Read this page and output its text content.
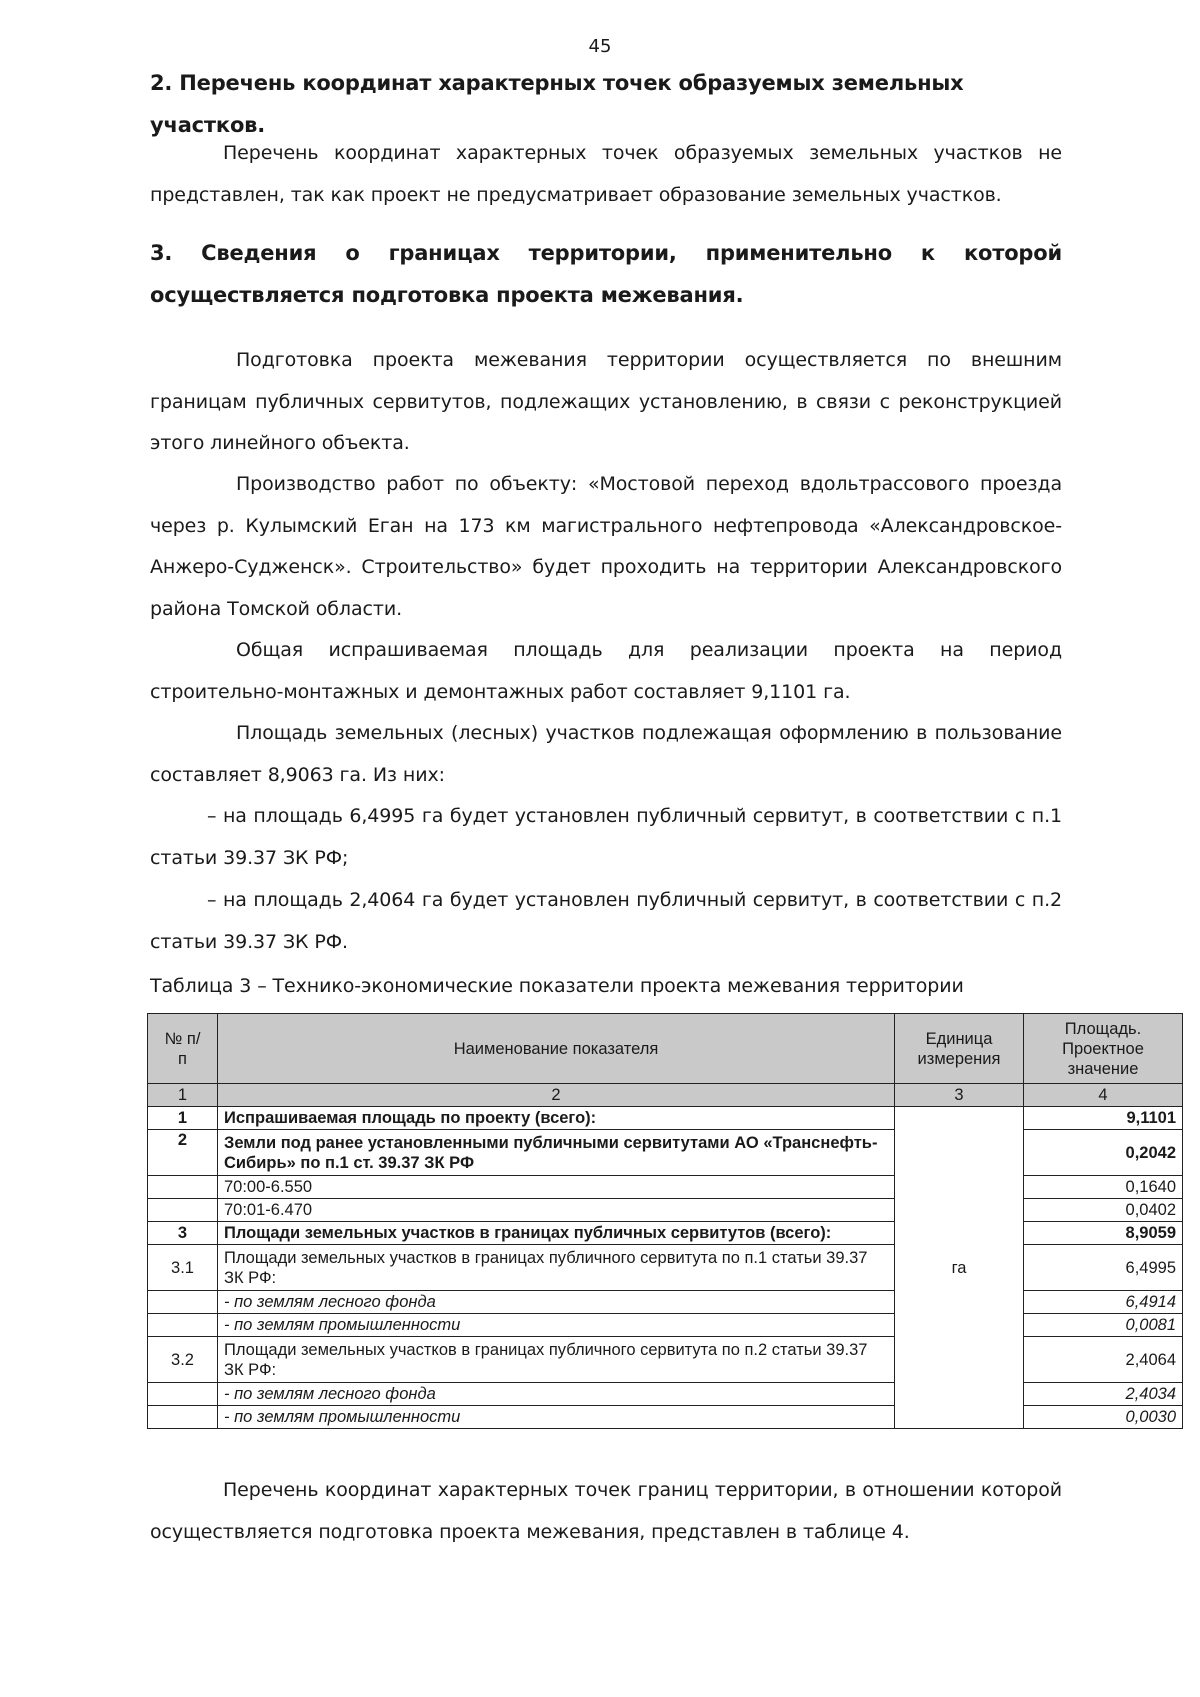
45
2. Перечень координат характерных точек образуемых земельных участков.
Перечень координат характерных точек образуемых земельных участков не представлен, так как проект не предусматривает образование земельных участков.
3. Сведения о границах территории, применительно к которой осуществляется подготовка проекта межевания.
Подготовка проекта межевания территории осуществляется по внешним границам публичных сервитутов, подлежащих установлению, в связи с реконструкцией этого линейного объекта.
Производство работ по объекту: «Мостовой переход вдольтрассового проезда через р. Кулымский Еган на 173 км магистрального нефтепровода «Александровское-Анжеро-Судженск». Строительство» будет проходить на территории Александровского района Томской области.
Общая испрашиваемая площадь для реализации проекта на период строительно-монтажных и демонтажных работ составляет 9,1101 га.
Площадь земельных (лесных) участков подлежащая оформлению в пользование составляет 8,9063 га. Из них:
– на площадь 6,4995 га будет установлен публичный сервитут, в соответствии с п.1 статьи 39.37 ЗК РФ;
– на площадь 2,4064 га будет установлен публичный сервитут, в соответствии с п.2 статьи 39.37 ЗК РФ.
Таблица 3 – Технико-экономические показатели проекта межевания территории
№ п/п	Наименование показателя	Единица измерения	Площадь. Проектное значение
1	2	3	4
1	Испрашиваемая площадь по проекту (всего):	га	9,1101
2	Земли под ранее установленными публичными сервитутами АО «Транснефть-Сибирь» по п.1 ст. 39.37 ЗК РФ		0,2042
	70:00-6.550		0,1640
	70:01-6.470		0,0402
3	Площади земельных участков в границах публичных сервитутов (всего):		8,9059
3.1	Площади земельных участков в границах публичного сервитута по п.1 статьи 39.37 ЗК РФ:		6,4995
	- по землям лесного фонда		6,4914
	- по землям промышленности		0,0081
3.2	Площади земельных участков в границах публичного сервитута по п.2 статьи 39.37 ЗК РФ:		2,4064
	- по землям лесного фонда		2,4034
	- по землям промышленности		0,0030
Перечень координат характерных точек границ территории, в отношении которой осуществляется подготовка проекта межевания, представлен в таблице 4.
